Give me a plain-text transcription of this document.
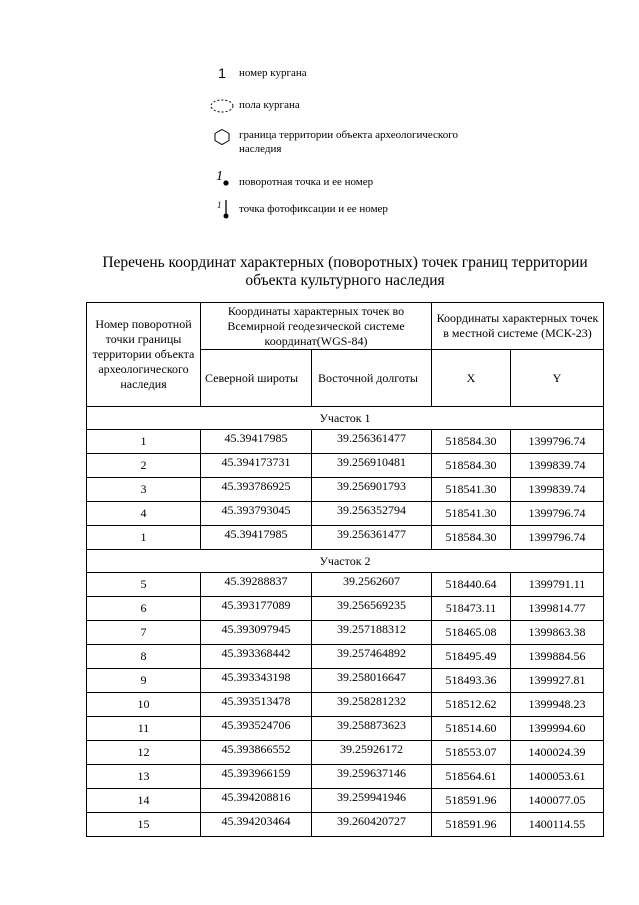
1 номер кургана
пола кургана
граница территории объекта археологического наследия
1 поворотная точка и ее номер
1 точка фотофиксации и ее номер
Перечень координат характерных (поворотных) точек границ территории объекта культурного наследия
Номер поворотной точки границы территории объекта археологического наследия	Координаты характерных точек во Всемирной геодезической системе координат(WGS-84)		Координаты характерных точек в местной системе (МСК-23)	
	Северной широты	Восточной долготы	X	Y
Участок 1				
1	45.39417985	39.256361477	518584.30	1399796.74
2	45.394173731	39.256910481	518584.30	1399839.74
3	45.393786925	39.256901793	518541.30	1399839.74
4	45.393793045	39.256352794	518541.30	1399796.74
1	45.39417985	39.256361477	518584.30	1399796.74
Участок 2				
5	45.39288837	39.2562607	518440.64	1399791.11
6	45.393177089	39.256569235	518473.11	1399814.77
7	45.393097945	39.257188312	518465.08	1399863.38
8	45.393368442	39.257464892	518495.49	1399884.56
9	45.393343198	39.258016647	518493.36	1399927.81
10	45.393513478	39.258281232	518512.62	1399948.23
11	45.393524706	39.258873623	518514.60	1399994.60
12	45.393866552	39.25926172	518553.07	1400024.39
13	45.393966159	39.259637146	518564.61	1400053.61
14	45.394208816	39.259941946	518591.96	1400077.05
15	45.394203464	39.260420727	518591.96	1400114.55
